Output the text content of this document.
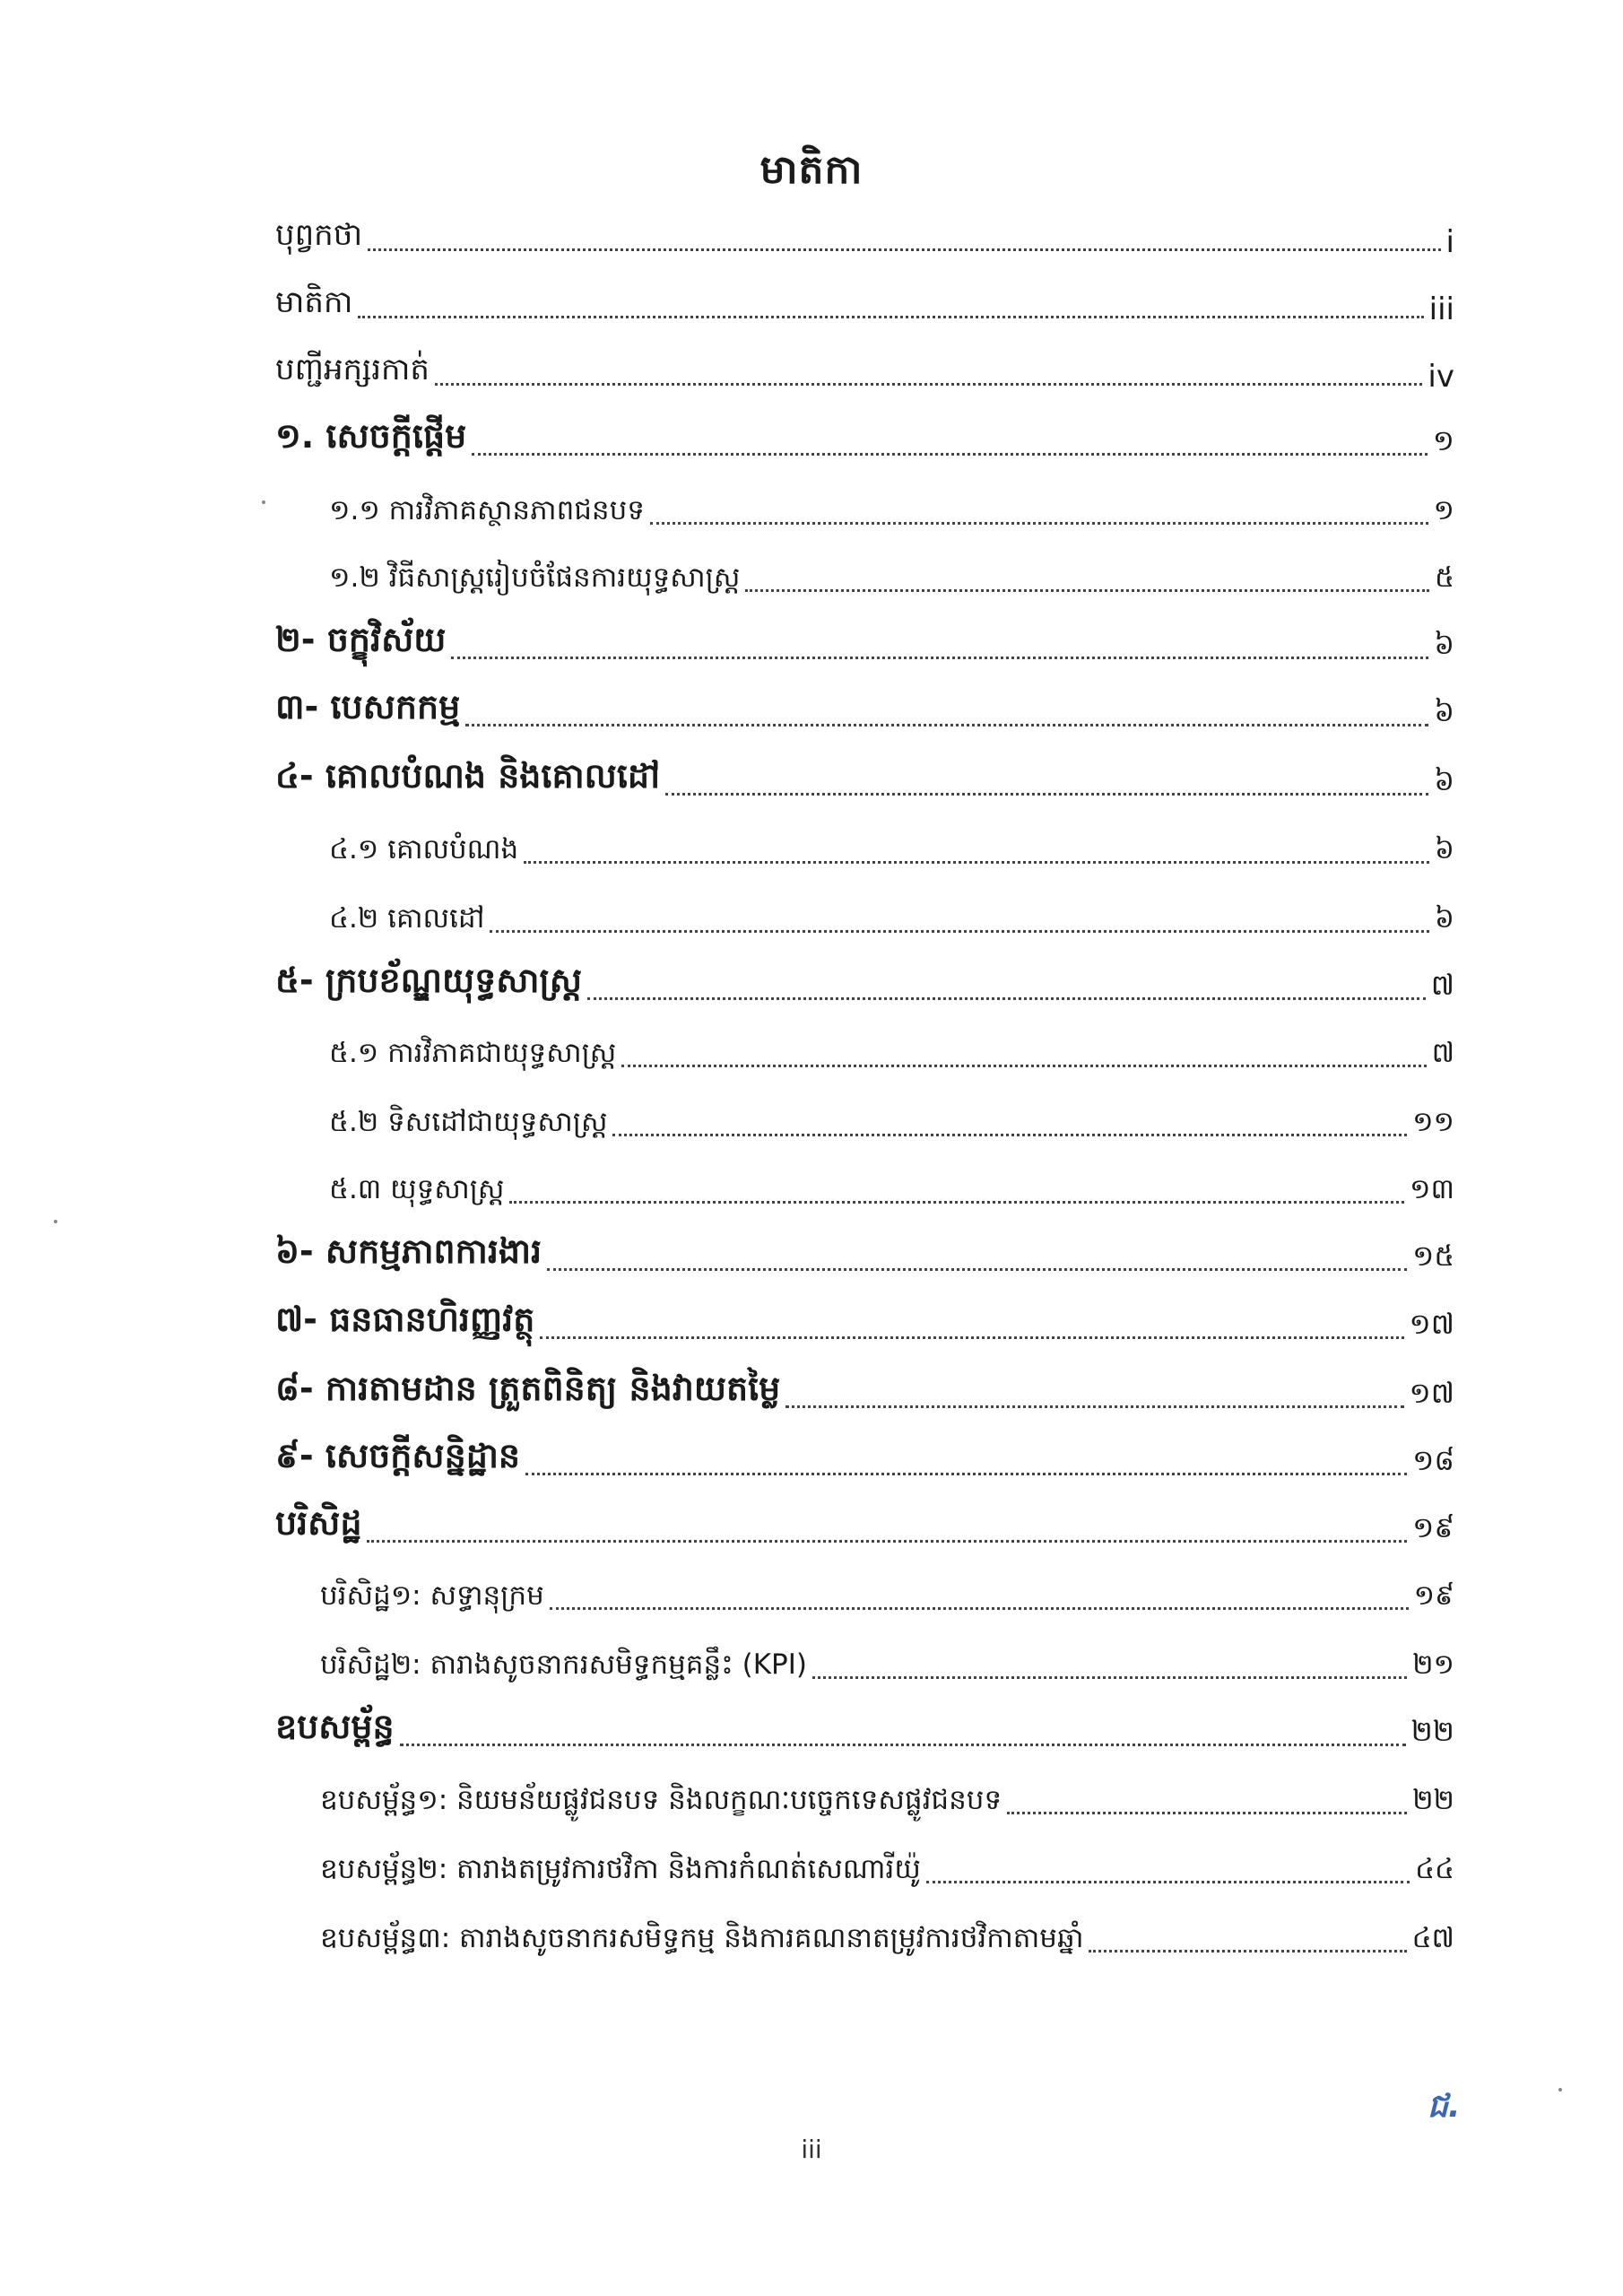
មាតិកា
បុព្វកថា	i
មាតិកា	iii
បញ្ជីអក្សរកាត់	iv
១. សេចក្តីផ្តើម	១
១.១ ការវិភាគស្ថានភាពជនបទ	១
១.២ វិធីសាស្ត្ររៀបចំផែនការយុទ្ធសាស្ត្រ	៥
២- ចក្ខុវិស័យ	៦
៣- បេសកកម្ម	៦
៤- គោលបំណង និងគោលដៅ	៦
៤.១ គោលបំណង	៦
៤.២ គោលដៅ	៦
៥- ក្របខ័ណ្ឌយុទ្ធសាស្ត្រ	៧
៥.១ ការវិភាគជាយុទ្ធសាស្ត្រ	៧
៥.២ ទិសដៅជាយុទ្ធសាស្ត្រ	១១
៥.៣ យុទ្ធសាស្ត្រ	១៣
៦- សកម្មភាពការងារ	១៥
៧- ធនធានហិរញ្ញវត្ថុ	១៧
៨- ការតាមដាន ត្រួតពិនិត្យ និងវាយតម្លៃ	១៧
៩- សេចក្តីសន្និដ្ឋាន	១៨
បរិសិដ្ឋ	១៩
បរិសិដ្ឋ១: សទ្ធានុក្រម	១៩
បរិសិដ្ឋ២: តារាងសូចនាករសមិទ្ធកម្មគន្លឹះ (KPI)	២១
ឧបសម្ព័ន្ធ	២២
ឧបសម្ព័ន្ធ១: និយមន័យផ្លូវជនបទ និងលក្ខណៈបច្ចេកទេសផ្លូវជនបទ	២២
ឧបសម្ព័ន្ធ២: តារាងតម្រូវការថវិកា និងការកំណត់សេណារីយ៉ូ	៤៤
ឧបសម្ព័ន្ធ៣: តារាងសូចនាករសមិទ្ធកម្ម និងការគណនាតម្រូវការថវិកាតាមឆ្នាំ	៤៧
ជ.
iii
